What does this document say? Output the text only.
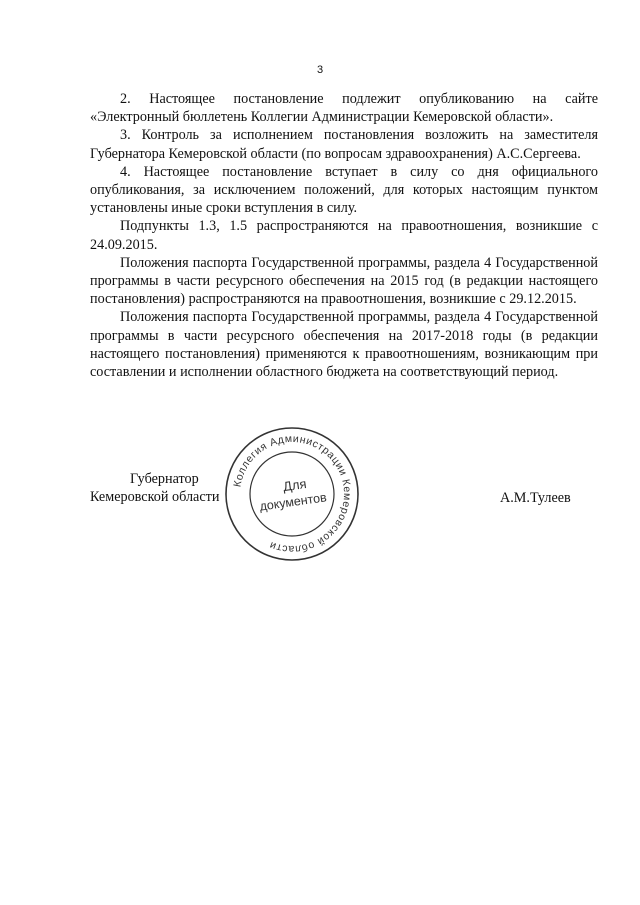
3

2. Настоящее постановление подлежит опубликованию на сайте «Электронный бюллетень Коллегии Администрации Кемеровской области».

3. Контроль за исполнением постановления возложить на заместителя Губернатора Кемеровской области (по вопросам здравоохранения) А.С.Сергеева.

4. Настоящее постановление вступает в силу со дня официального опубликования, за исключением положений, для которых настоящим пунктом установлены иные сроки вступления в силу.

Подпункты 1.3, 1.5 распространяются на правоотношения, возникшие с 24.09.2015.

Положения паспорта Государственной программы, раздела 4 Государственной программы в части ресурсного обеспечения на 2015 год (в редакции настоящего постановления) распространяются на правоотношения, возникшие с 29.12.2015.

Положения паспорта Государственной программы, раздела 4 Государственной программы в части ресурсного обеспечения на 2017-2018 годы (в редакции настоящего постановления) применяются к правоотношениям, возникающим при составлении и исполнении областного бюджета на соответствующий период.

Губернатор
Кемеровской области
Коллегия Администрации Кемеровской области
Для
документов	А.М.Тулеев
